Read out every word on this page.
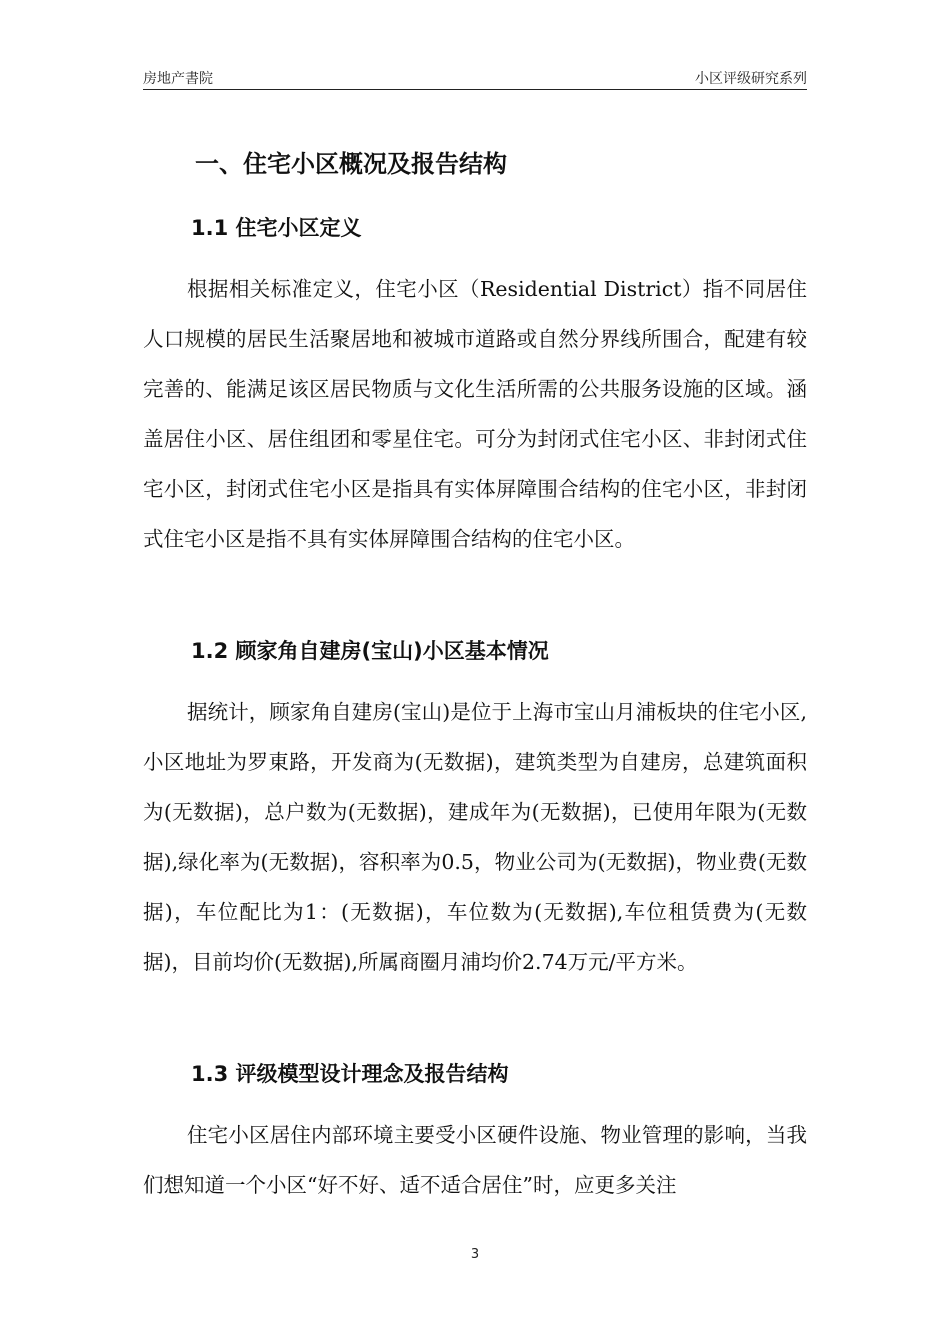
房地产書院	小区评级研究系列
一、住宅小区概况及报告结构
1.1 住宅小区定义

根据相关标准定义，住宅小区（Residential District）指不同居住人口规模的居民生活聚居地和被城市道路或自然分界线所围合，配建有较完善的、能满足该区居民物质与文化生活所需的公共服务设施的区域。涵盖居住小区、居住组团和零星住宅。可分为封闭式住宅小区、非封闭式住宅小区，封闭式住宅小区是指具有实体屏障围合结构的住宅小区，非封闭式住宅小区是指不具有实体屏障围合结构的住宅小区。

1.2 顾家角自建房(宝山)小区基本情况

据统计，顾家角自建房(宝山)是位于上海市宝山月浦板块的住宅小区,小区地址为罗東路，开发商为(无数据)，建筑类型为自建房，总建筑面积为(无数据)，总户数为(无数据)，建成年为(无数据)，已使用年限为(无数据),绿化率为(无数据)，容积率为0.5，物业公司为(无数据)，物业费(无数据)，车位配比为1：(无数据)，车位数为(无数据),车位租赁费为(无数据)，目前均价(无数据),所属商圈月浦均价2.74万元/平方米。

1.3 评级模型设计理念及报告结构

住宅小区居住内部环境主要受小区硬件设施、物业管理的影响，当我们想知道一个小区“好不好、适不适合居住”时，应更多关注

3
